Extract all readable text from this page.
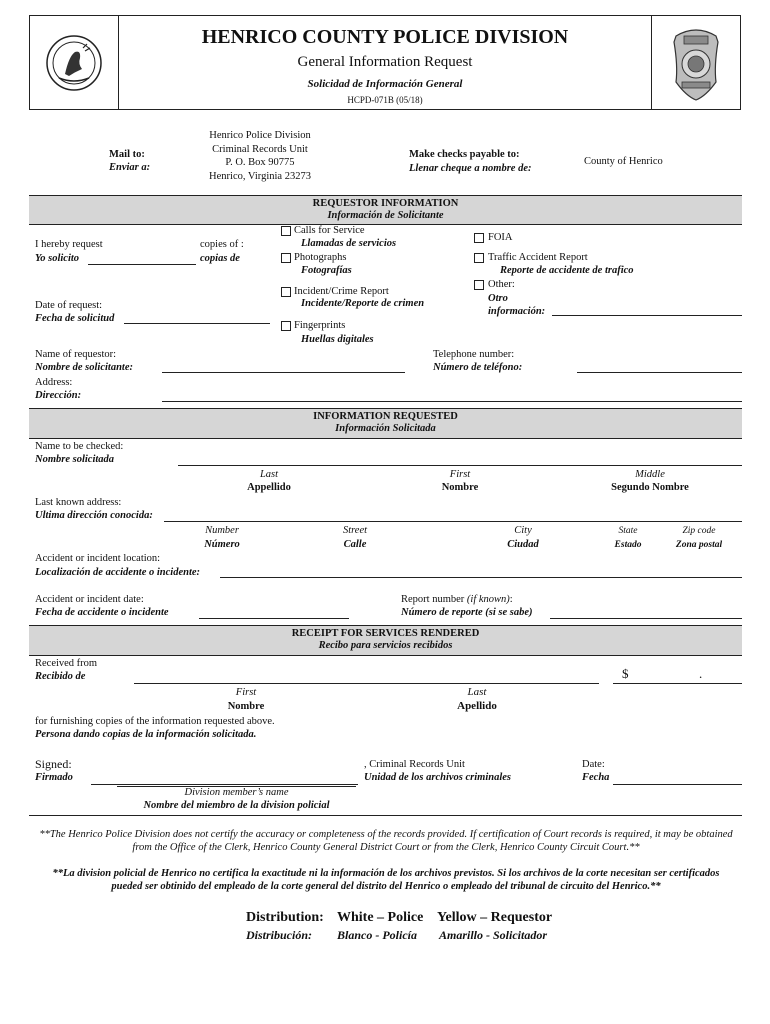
HENRICO COUNTY POLICE DIVISION
General Information Request
Solicidad de Información General
HCPD-071B (05/18)
Mail to:
Enviar a:
Henrico Police Division
Criminal Records Unit
P. O. Box 90775
Henrico, Virginia 23273
Make checks payable to:
Llenar cheque a nombre de:
County of Henrico
REQUESTOR INFORMATION
Información de Solicitante
I hereby request
Yo solicito
copies of :
copias de
Date of request:
Fecha de solicitud
Calls for Service
Llamadas de servicios
Photographs
Fotografías
Incident/Crime Report
Incidente/Reporte de crimen
Fingerprints
Huellas digitales
FOIA
Traffic Accident Report
Reporte de accidente de trafico
Other:
Otro
información:
Name of requestor:
Nombre de solicitante:
Telephone number:
Número de teléfono:
Address:
Dirección:
INFORMATION REQUESTED
Información Solicitada
Name to be checked:
Nombre solicitada
Last
Appellido
First
Nombre
Middle
Segundo Nombre
Last known address:
Ultima dirección conocida:
Number
Número
Street
Calle
City
Ciudad
State
Estado
Zip code
Zona postal
Accident or incident location:
Localización de accidente o incidente:
Accident or incident date:
Fecha de accidente o incidente
Report number (if known):
Número de reporte (si se sabe)
RECEIPT FOR SERVICES RENDERED
Recibo para servicios recibidos
Received from
Recibido de	$	.
First
Nombre
Last
Apellido
for furnishing copies of the information requested above.
Persona dando copias de la información solicitada.
Signed:
Firmado
, Criminal Records Unit
Unidad de los archivos criminales
Date:
Fecha
Division member’s name
Nombre del miembro de la division policial
**The Henrico Police Division does not certify the accuracy or completeness of the records provided. If certification of Court records is required, it may be obtained from the Office of the Clerk, Henrico County General District Court or from the Clerk, Henrico County Circuit Court.**
**La division policial de Henrico no certifica la exactitude ni la información de los archivos previstos. Si los archivos de la corte necesitan ser certificados pueded ser obtinido del empleado de la corte general del distrito del Henrico o empleado del tribunal de circuito del Henrico.**
Distribution: White – Police Yellow – Requestor
Distribución: Blanco - Policía Amarillo - Solicitador
